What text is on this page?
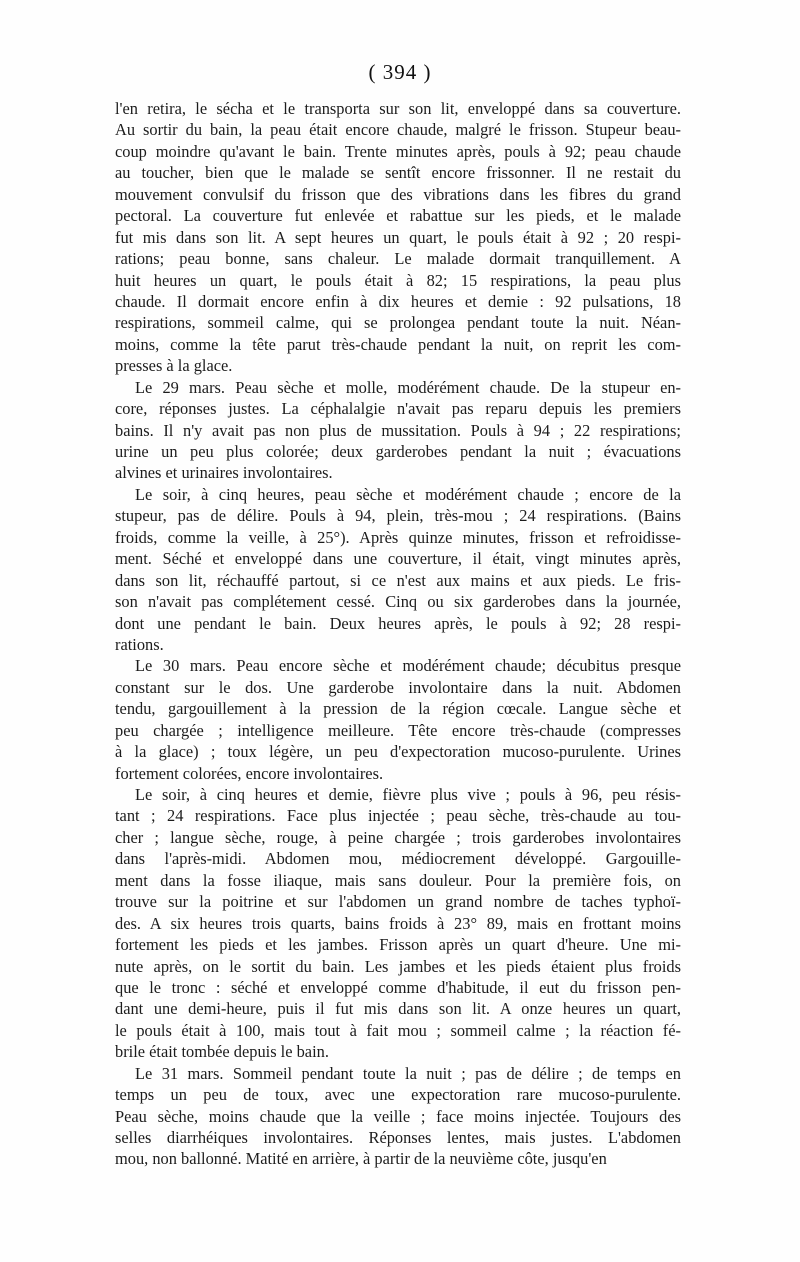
( 394 )
l'en retira, le sécha et le transporta sur son lit, enveloppé dans sa couverture.
Au sortir du bain, la peau était encore chaude, malgré le frisson. Stupeur beau-
coup moindre qu'avant le bain. Trente minutes après, pouls à 92; peau chaude
au toucher, bien que le malade se sentît encore frissonner. Il ne restait du
mouvement convulsif du frisson que des vibrations dans les fibres du grand
pectoral. La couverture fut enlevée et rabattue sur les pieds, et le malade
fut mis dans son lit. A sept heures un quart, le pouls était à 92 ; 20 respi-
rations; peau bonne, sans chaleur. Le malade dormait tranquillement. A
huit heures un quart, le pouls était à 82; 15 respirations, la peau plus
chaude. Il dormait encore enfin à dix heures et demie : 92 pulsations, 18
respirations, sommeil calme, qui se prolongea pendant toute la nuit. Néan-
moins, comme la tête parut très-chaude pendant la nuit, on reprit les com-
presses à la glace.
Le 29 mars. Peau sèche et molle, modérément chaude. De la stupeur en-
core, réponses justes. La céphalalgie n'avait pas reparu depuis les premiers
bains. Il n'y avait pas non plus de mussitation. Pouls à 94 ; 22 respirations;
urine un peu plus colorée; deux garderobes pendant la nuit ; évacuations
alvines et urinaires involontaires.
Le soir, à cinq heures, peau sèche et modérément chaude ; encore de la
stupeur, pas de délire. Pouls à 94, plein, très-mou ; 24 respirations. (Bains
froids, comme la veille, à 25°). Après quinze minutes, frisson et refroidisse-
ment. Séché et enveloppé dans une couverture, il était, vingt minutes après,
dans son lit, réchauffé partout, si ce n'est aux mains et aux pieds. Le fris-
son n'avait pas complétement cessé. Cinq ou six garderobes dans la journée,
dont une pendant le bain. Deux heures après, le pouls à 92; 28 respi-
rations.
Le 30 mars. Peau encore sèche et modérément chaude; décubitus presque
constant sur le dos. Une garderobe involontaire dans la nuit. Abdomen
tendu, gargouillement à la pression de la région cœcale. Langue sèche et
peu chargée ; intelligence meilleure. Tête encore très-chaude (compresses
à la glace) ; toux légère, un peu d'expectoration mucoso-purulente. Urines
fortement colorées, encore involontaires.
Le soir, à cinq heures et demie, fièvre plus vive ; pouls à 96, peu résis-
tant ; 24 respirations. Face plus injectée ; peau sèche, très-chaude au tou-
cher ; langue sèche, rouge, à peine chargée ; trois garderobes involontaires
dans l'après-midi. Abdomen mou, médiocrement développé. Gargouille-
ment dans la fosse iliaque, mais sans douleur. Pour la première fois, on
trouve sur la poitrine et sur l'abdomen un grand nombre de taches typhoï-
des. A six heures trois quarts, bains froids à 23° 89, mais en frottant moins
fortement les pieds et les jambes. Frisson après un quart d'heure. Une mi-
nute après, on le sortit du bain. Les jambes et les pieds étaient plus froids
que le tronc : séché et enveloppé comme d'habitude, il eut du frisson pen-
dant une demi-heure, puis il fut mis dans son lit. A onze heures un quart,
le pouls était à 100, mais tout à fait mou ; sommeil calme ; la réaction fé-
brile était tombée depuis le bain.
Le 31 mars. Sommeil pendant toute la nuit ; pas de délire ; de temps en
temps un peu de toux, avec une expectoration rare mucoso-purulente.
Peau sèche, moins chaude que la veille ; face moins injectée. Toujours des
selles diarrhéiques involontaires. Réponses lentes, mais justes. L'abdomen
mou, non ballonné. Matité en arrière, à partir de la neuvième côte, jusqu'en
